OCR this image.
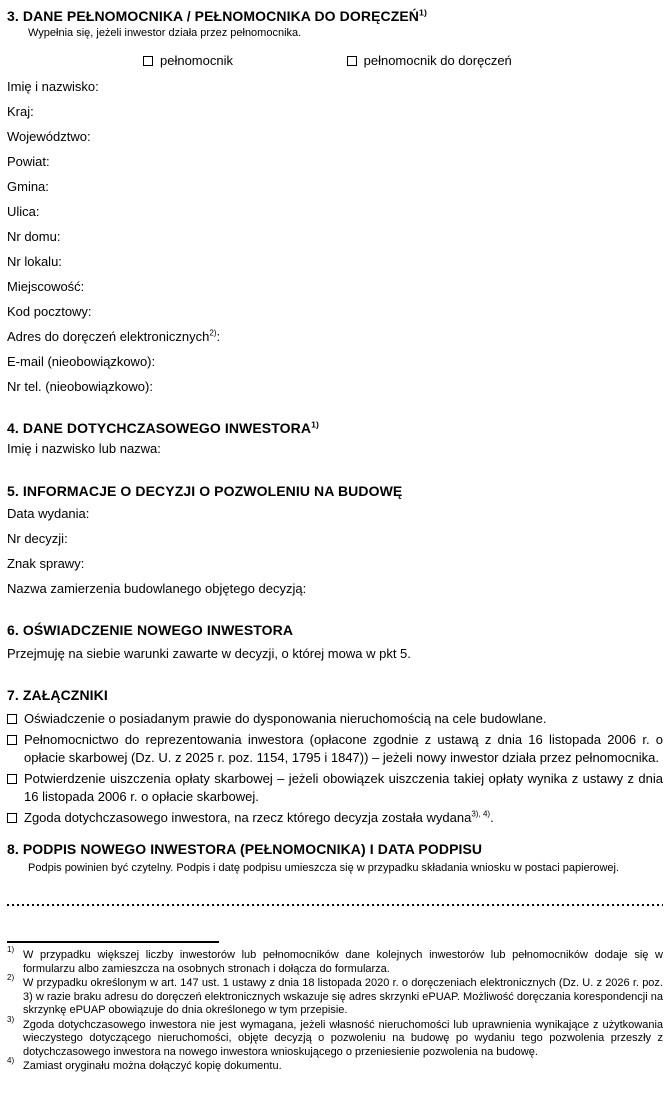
3. DANE PEŁNOMOCNIKA / PEŁNOMOCNIKA DO DORĘCZEŃ$^{1)}$
Wypełnia się, jeżeli inwestor działa przez pełnomocnika.
pełnomocnik	pełnomocnik do doręczeń
Imię i nazwisko:
Kraj:
Województwo:
Powiat:
Gmina:
Ulica:
Nr domu:
Nr lokalu:
Miejscowość:
Kod pocztowy:
Adres do doręczeń elektronicznych$^{2)}$:
E-mail (nieobowiązkowo):
Nr tel. (nieobowiązkowo):
4. DANE DOTYCHCZASOWEGO INWESTORA$^{1)}$
Imię i nazwisko lub nazwa:
5. INFORMACJE O DECYZJI O POZWOLENIU NA BUDOWĘ
Data wydania:
Nr decyzji:
Znak sprawy:
Nazwa zamierzenia budowlanego objętego decyzją:
6. OŚWIADCZENIE NOWEGO INWESTORA
Przejmuję na siebie warunki zawarte w decyzji, o której mowa w pkt 5.
7. ZAŁĄCZNIKI
Oświadczenie o posiadanym prawie do dysponowania nieruchomością na cele budowlane.
Pełnomocnictwo do reprezentowania inwestora (opłacone zgodnie z ustawą z dnia 16 listopada 2006 r. o opłacie skarbowej (Dz. U. z 2025 r. poz. 1154, 1795 i 1847)) – jeżeli nowy inwestor działa przez pełnomocnika.
Potwierdzenie uiszczenia opłaty skarbowej – jeżeli obowiązek uiszczenia takiej opłaty wynika z ustawy z dnia 16 listopada 2006 r. o opłacie skarbowej.
Zgoda dotychczasowego inwestora, na rzecz którego decyzja została wydana$^{3), 4)}$.
8. PODPIS NOWEGO INWESTORA (PEŁNOMOCNIKA) I DATA PODPISU
Podpis powinien być czytelny. Podpis i datę podpisu umieszcza się w przypadku składania wniosku w postaci papierowej.
1) W przypadku większej liczby inwestorów lub pełnomocników dane kolejnych inwestorów lub pełnomocników dodaje się w formularzu albo zamieszcza na osobnych stronach i dołącza do formularza.
2) W przypadku określonym w art. 147 ust. 1 ustawy z dnia 18 listopada 2020 r. o doręczeniach elektronicznych (Dz. U. z 2026 r. poz. 3) w razie braku adresu do doręczeń elektronicznych wskazuje się adres skrzynki ePUAP. Możliwość doręczania korespondencji na skrzynkę ePUAP obowiązuje do dnia określonego w tym przepisie.
3) Zgoda dotychczasowego inwestora nie jest wymagana, jeżeli własność nieruchomości lub uprawnienia wynikające z użytkowania wieczystego dotyczącego nieruchomości, objęte decyzją o pozwoleniu na budowę po wydaniu tego pozwolenia przeszły z dotychczasowego inwestora na nowego inwestora wnioskującego o przeniesienie pozwolenia na budowę.
4) Zamiast oryginału można dołączyć kopię dokumentu.
